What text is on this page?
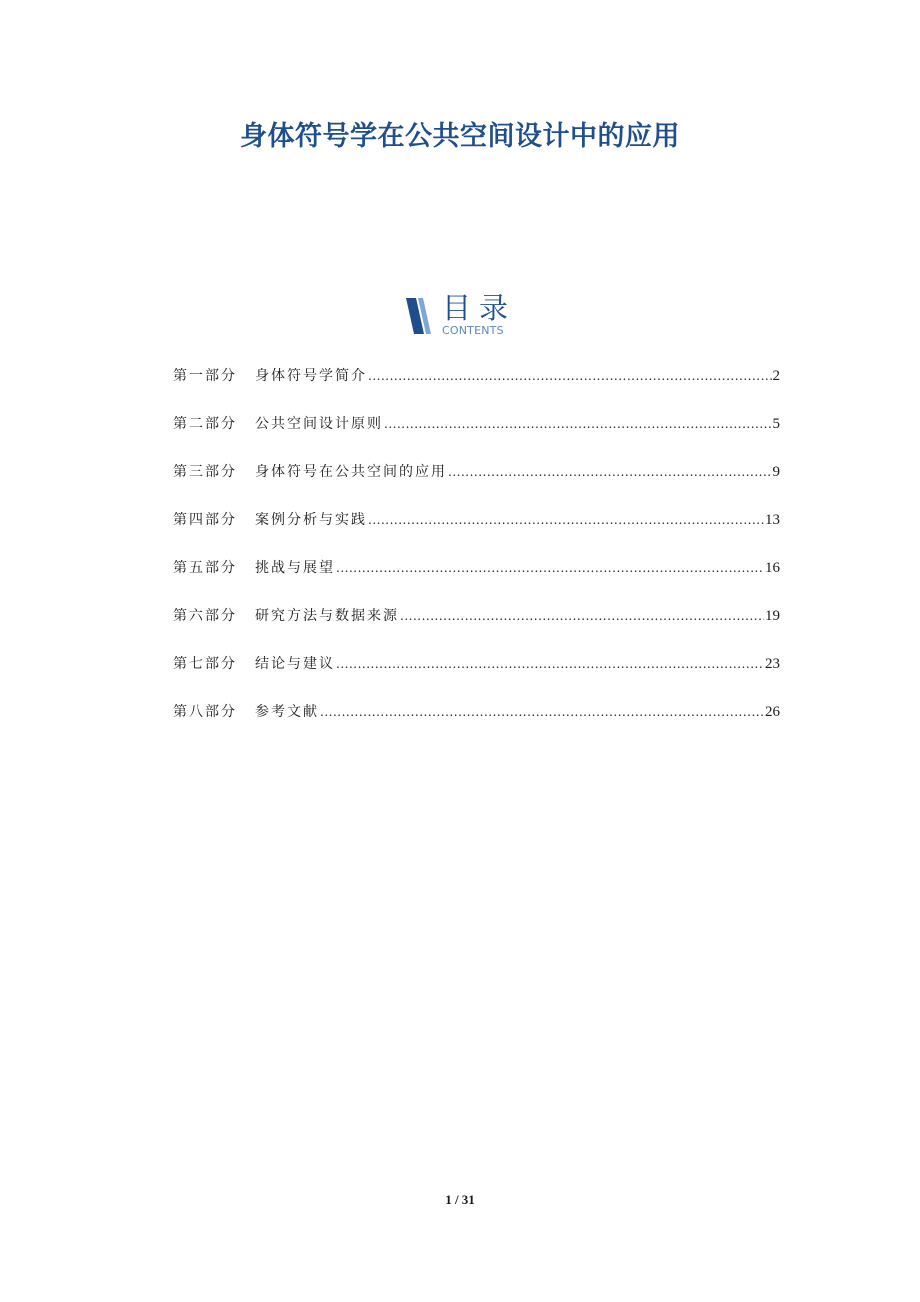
身体符号学在公共空间设计中的应用
目录
CONTENTS
第一部分	身体符号学简介 .....	2
第二部分	公共空间设计原则 .....	5
第三部分	身体符号在公共空间的应用 .....	9
第四部分	案例分析与实践 .....	13
第五部分	挑战与展望 .....	16
第六部分	研究方法与数据来源 .....	19
第七部分	结论与建议 .....	23
第八部分	参考文献 .....	26
1 / 31
